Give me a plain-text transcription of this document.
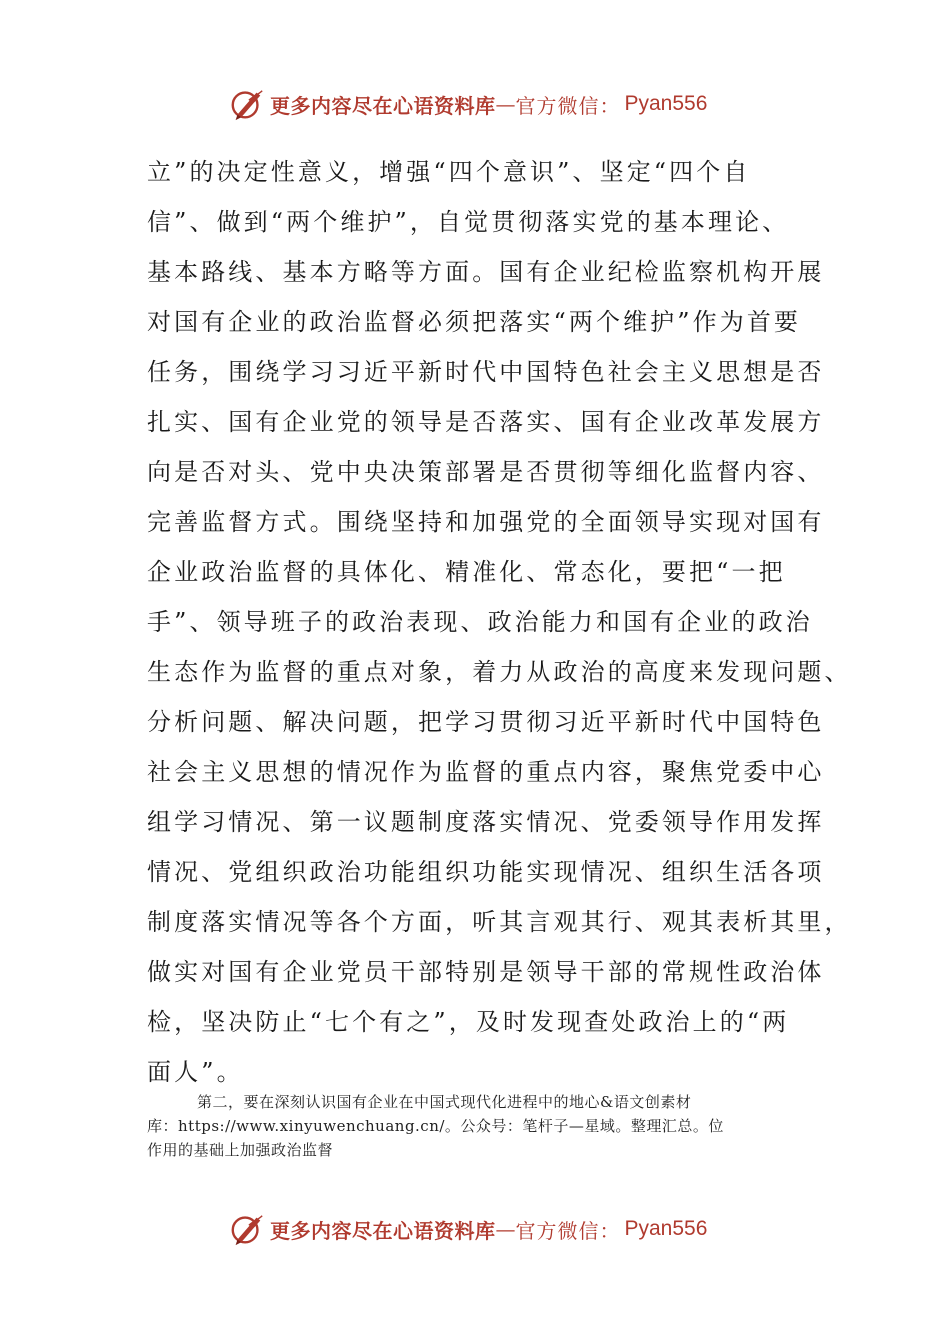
更多内容尽在心语资料库 — 官方微信： Pyan556
立”的决定性意义，增强“四个意识”、坚定“四个自
信”、做到“两个维护”，自觉贯彻落实党的基本理论、
基本路线、基本方略等方面。国有企业纪检监察机构开展
对国有企业的政治监督必须把落实“两个维护”作为首要
任务，围绕学习习近平新时代中国特色社会主义思想是否
扎实、国有企业党的领导是否落实、国有企业改革发展方
向是否对头、党中央决策部署是否贯彻等细化监督内容、
完善监督方式。围绕坚持和加强党的全面领导实现对国有
企业政治监督的具体化、精准化、常态化，要把“一把
手”、领导班子的政治表现、政治能力和国有企业的政治
生态作为监督的重点对象，着力从政治的高度来发现问题、
分析问题、解决问题，把学习贯彻习近平新时代中国特色
社会主义思想的情况作为监督的重点内容，聚焦党委中心
组学习情况、第一议题制度落实情况、党委领导作用发挥
情况、党组织政治功能组织功能实现情况、组织生活各项
制度落实情况等各个方面，听其言观其行、观其表析其里，
做实对国有企业党员干部特别是领导干部的常规性政治体
检，坚决防止“七个有之”，及时发现查处政治上的“两
面人”。
第二，要在深刻认识国有企业在中国式现代化进程中的地心&语文创素材
库：https://www.xinyuwenchuang.cn/。公众号：笔杆子—星域。整理汇总。位
作用的基础上加强政治监督
更多内容尽在心语资料库 — 官方微信： Pyan556
